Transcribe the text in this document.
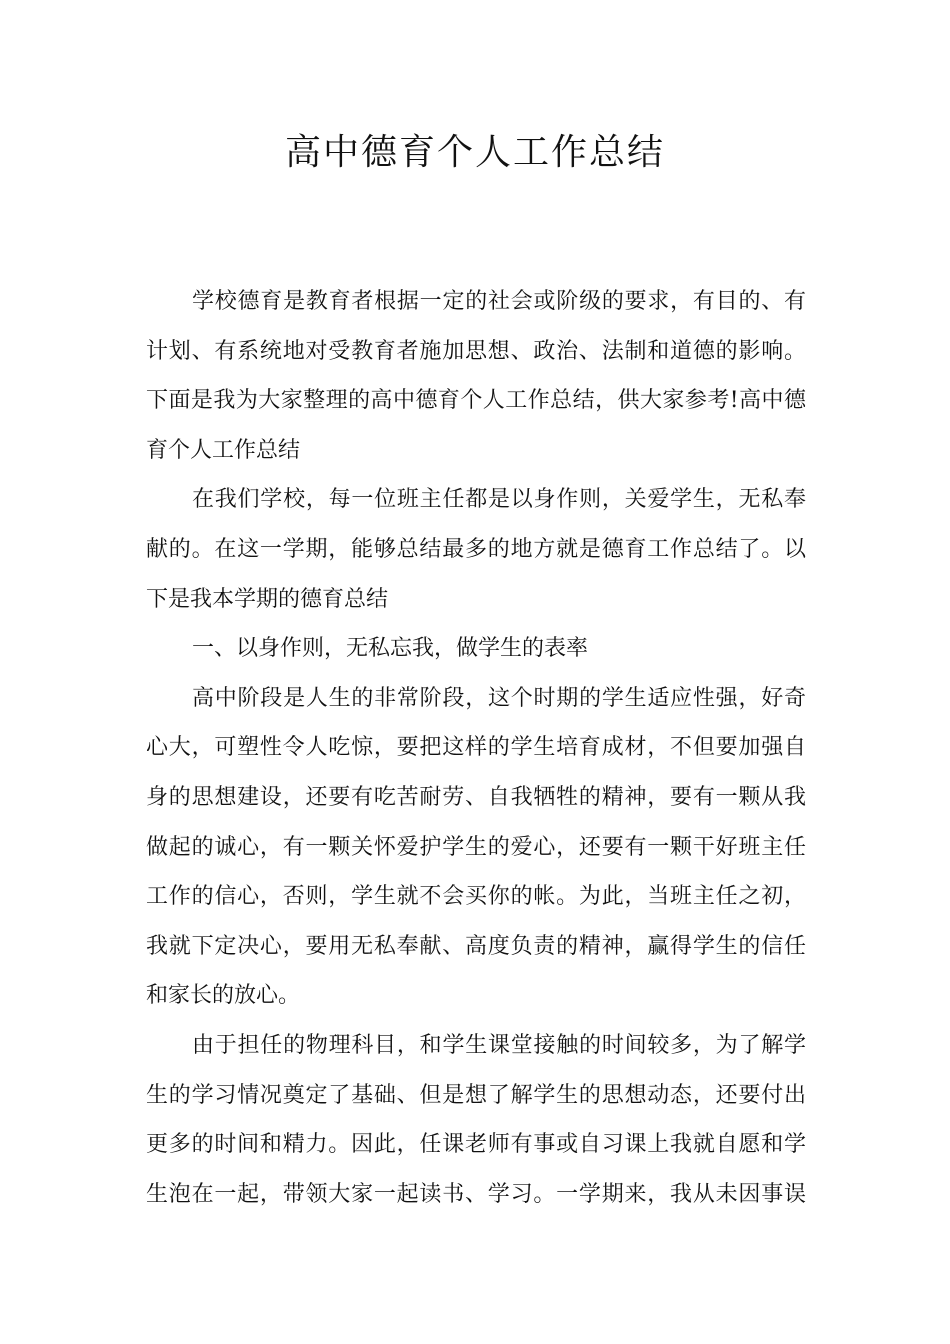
高中德育个人工作总结

学校德育是教育者根据一定的社会或阶级的要求，有目的、有
计划、有系统地对受教育者施加思想、政治、法制和道德的影响。
下面是我为大家整理的高中德育个人工作总结，供大家参考!高中德
育个人工作总结

在我们学校，每一位班主任都是以身作则，关爱学生，无私奉
献的。在这一学期，能够总结最多的地方就是德育工作总结了。以
下是我本学期的德育总结

一、以身作则，无私忘我，做学生的表率

高中阶段是人生的非常阶段，这个时期的学生适应性强，好奇
心大，可塑性令人吃惊，要把这样的学生培育成材，不但要加强自
身的思想建设，还要有吃苦耐劳、自我牺牲的精神，要有一颗从我
做起的诚心，有一颗关怀爱护学生的爱心，还要有一颗干好班主任
工作的信心，否则，学生就不会买你的帐。为此，当班主任之初，
我就下定决心，要用无私奉献、高度负责的精神，赢得学生的信任
和家长的放心。

由于担任的物理科目，和学生课堂接触的时间较多，为了解学
生的学习情况奠定了基础、但是想了解学生的思想动态，还要付出
更多的时间和精力。因此，任课老师有事或自习课上我就自愿和学
生泡在一起，带领大家一起读书、学习。一学期来，我从未因事误
